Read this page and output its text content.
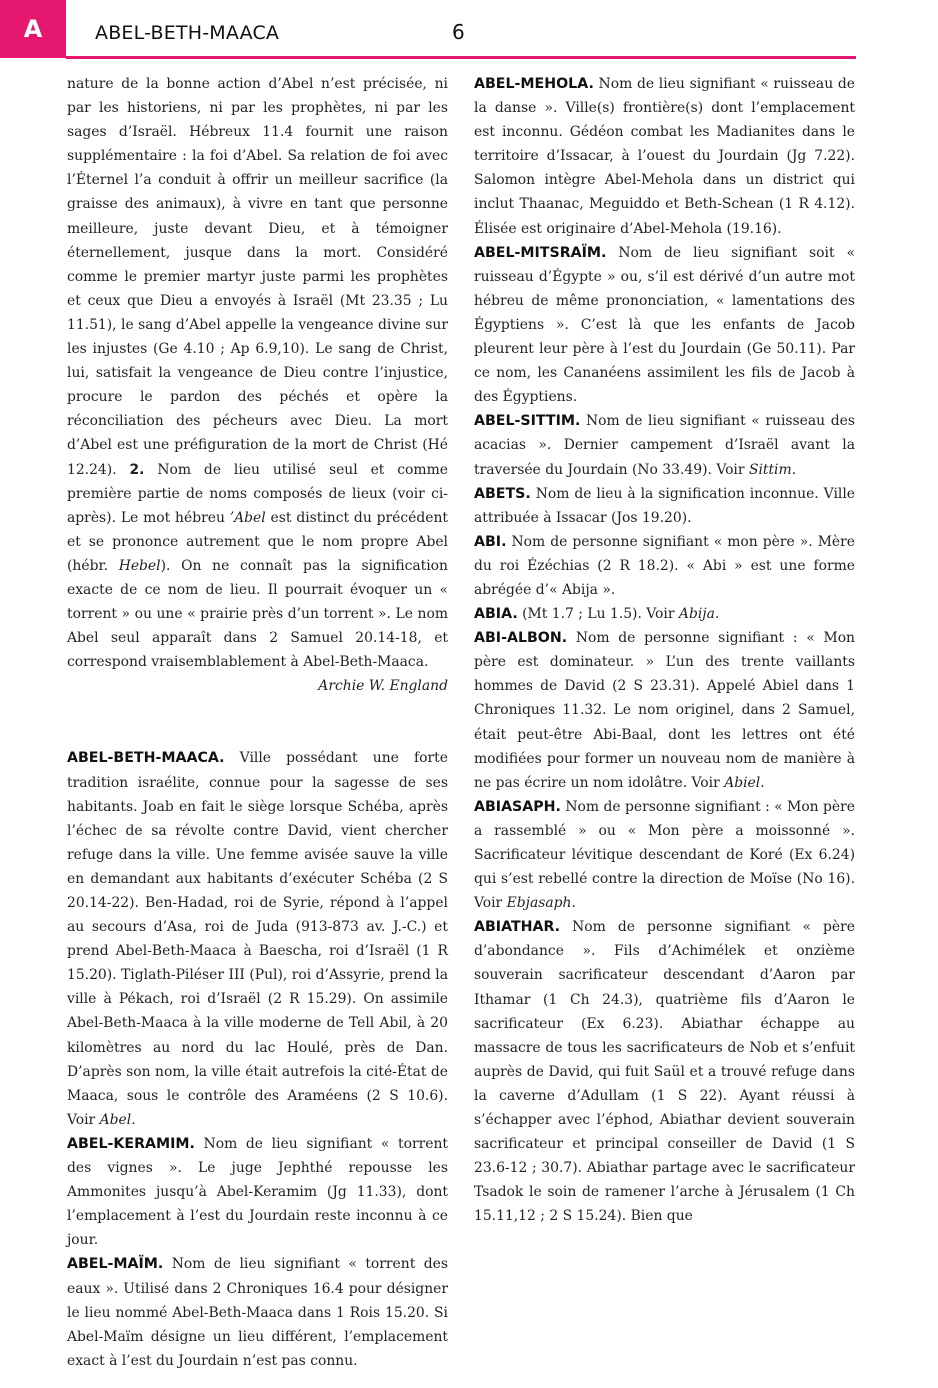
A	ABEL-BETH-MAACA	6

nature de la bonne action d’Abel n’est précisée, ni par les historiens, ni par les prophètes, ni par les sages d’Israël. Hébreux 11.4 fournit une raison supplémentaire : la foi d’Abel. Sa relation de foi avec l’Éternel l’a conduit à offrir un meilleur sacrifice (la graisse des animaux), à vivre en tant que personne meilleure, juste devant Dieu, et à témoigner éternellement, jusque dans la mort. Considéré comme le premier martyr juste parmi les prophètes et ceux que Dieu a envoyés à Israël (Mt 23.35 ; Lu 11.51), le sang d’Abel appelle la vengeance divine sur les injustes (Ge 4.10 ; Ap 6.9,10). Le sang de Christ, lui, satisfait la vengeance de Dieu contre l’injustice, procure le pardon des péchés et opère la réconciliation des pécheurs avec Dieu. La mort d’Abel est une préfiguration de la mort de Christ (Hé 12.24). 2. Nom de lieu utilisé seul et comme première partie de noms composés de lieux (voir ci-après). Le mot hébreu ’Abel est distinct du précédent et se prononce autrement que le nom propre Abel (hébr. Hebel). On ne connaît pas la signification exacte de ce nom de lieu. Il pourrait évoquer un « torrent » ou une « prairie près d’un torrent ». Le nom Abel seul apparaît dans 2 Samuel 20.14-18, et correspond vraisemblablement à Abel-Beth-Maaca.

Archie W. England

ABEL-BETH-MAACA. Ville possédant une forte tradition israélite, connue pour la sagesse de ses habitants. Joab en fait le siège lorsque Schéba, après l’échec de sa révolte contre David, vient chercher refuge dans la ville. Une femme avisée sauve la ville en demandant aux habitants d’exécuter Schéba (2 S 20.14-22). Ben-Hadad, roi de Syrie, répond à l’appel au secours d’Asa, roi de Juda (913-873 av. J.-C.) et prend Abel-Beth-Maaca à Baescha, roi d’Israël (1 R 15.20). Tiglath-Piléser III (Pul), roi d’Assyrie, prend la ville à Pékach, roi d’Israël (2 R 15.29). On assimile Abel-Beth-Maaca à la ville moderne de Tell Abil, à 20 kilomètres au nord du lac Houlé, près de Dan. D’après son nom, la ville était autrefois la cité-État de Maaca, sous le contrôle des Araméens (2 S 10.6). Voir Abel.

ABEL-KERAMIM. Nom de lieu signifiant « torrent des vignes ». Le juge Jephthé repousse les Ammonites jusqu’à Abel-Keramim (Jg 11.33), dont l’emplacement à l’est du Jourdain reste inconnu à ce jour.

ABEL-MAÏM. Nom de lieu signifiant « torrent des eaux ». Utilisé dans 2 Chroniques 16.4 pour désigner le lieu nommé Abel-Beth-Maaca dans 1 Rois 15.20. Si Abel-Maïm désigne un lieu différent, l’emplacement exact à l’est du Jourdain n’est pas connu.

ABEL-MEHOLA. Nom de lieu signifiant « ruisseau de la danse ». Ville(s) frontière(s) dont l’emplacement est inconnu. Gédéon combat les Madianites dans le territoire d’Issacar, à l’ouest du Jourdain (Jg 7.22). Salomon intègre Abel-Mehola dans un district qui inclut Thaanac, Meguiddo et Beth-Schean (1 R 4.12). Élisée est originaire d’Abel-Mehola (19.16).

ABEL-MITSRAÏM. Nom de lieu signifiant soit « ruisseau d’Égypte » ou, s’il est dérivé d’un autre mot hébreu de même prononciation, « lamentations des Égyptiens ». C’est là que les enfants de Jacob pleurent leur père à l’est du Jourdain (Ge 50.11). Par ce nom, les Cananéens assimilent les fils de Jacob à des Égyptiens.

ABEL-SITTIM. Nom de lieu signifiant « ruisseau des acacias ». Dernier campement d’Israël avant la traversée du Jourdain (No 33.49). Voir Sittim.

ABETS. Nom de lieu à la signification inconnue. Ville attribuée à Issacar (Jos 19.20).

ABI. Nom de personne signifiant « mon père ». Mère du roi Ézéchias (2 R 18.2). « Abi » est une forme abrégée d’« Abija ».

ABIA. (Mt 1.7 ; Lu 1.5). Voir Abija.

ABI-ALBON. Nom de personne signifiant : « Mon père est dominateur. » L’un des trente vaillants hommes de David (2 S 23.31). Appelé Abiel dans 1 Chroniques 11.32. Le nom originel, dans 2 Samuel, était peut-être Abi-Baal, dont les lettres ont été modifiées pour former un nouveau nom de manière à ne pas écrire un nom idolâtre. Voir Abiel.

ABIASAPH. Nom de personne signifiant : « Mon père a rassemblé » ou « Mon père a moissonné ». Sacrificateur lévitique descendant de Koré (Ex 6.24) qui s’est rebellé contre la direction de Moïse (No 16). Voir Ebjasaph.

ABIATHAR. Nom de personne signifiant « père d’abondance ». Fils d’Achimélek et onzième souverain sacrificateur descendant d’Aaron par Ithamar (1 Ch 24.3), quatrième fils d’Aaron le sacrificateur (Ex 6.23). Abiathar échappe au massacre de tous les sacrificateurs de Nob et s’enfuit auprès de David, qui fuit Saül et a trouvé refuge dans la caverne d’Adullam (1 S 22). Ayant réussi à s’échapper avec l’éphod, Abiathar devient souverain sacrificateur et principal conseiller de David (1 S 23.6-12 ; 30.7). Abiathar partage avec le sacrificateur Tsadok le soin de ramener l’arche à Jérusalem (1 Ch 15.11,12 ; 2 S 15.24). Bien que
